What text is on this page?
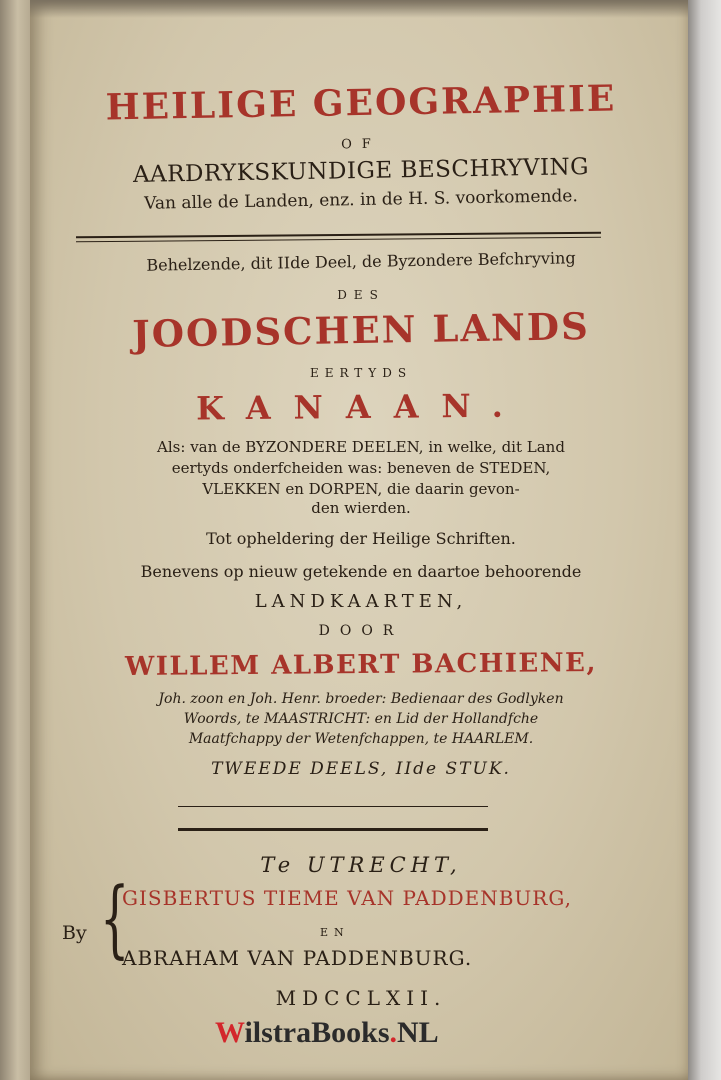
HEILIGE GEOGRAPHIE
OF
AARDRYKSKUNDIGE BESCHRYVING
Van alle de Landen, enz. in de H. S. voorkomende.
Behelzende, dit IIde Deel, de Byzondere Befchryving
DES
JOODSCHEN LANDS
EERTYDS
KANAAN.
Als: van de BYZONDERE DEELEN, in welke, dit Land
eertyds onderfcheiden was: beneven de STEDEN,
VLEKKEN en DORPEN, die daarin gevon-
den wierden.
Tot opheldering der Heilige Schriften.
Benevens op nieuw getekende en daartoe behoorende
LANDKAARTEN,
DOOR
WILLEM ALBERT BACHIENE,
Joh. zoon en Joh. Henr. broeder: Bedienaar des Godlyken
Woords, te MAASTRICHT: en Lid der Hollandfche
Maatfchappy der Wetenfchappen, te HAARLEM.
TWEEDE DEELS, IIde STUK.
Te UTRECHT,
By {
GISBERTUS TIEME VAN PADDENBURG,
EN
ABRAHAM VAN PADDENBURG.
MDCCLXII.
WilstraBooks.NL
